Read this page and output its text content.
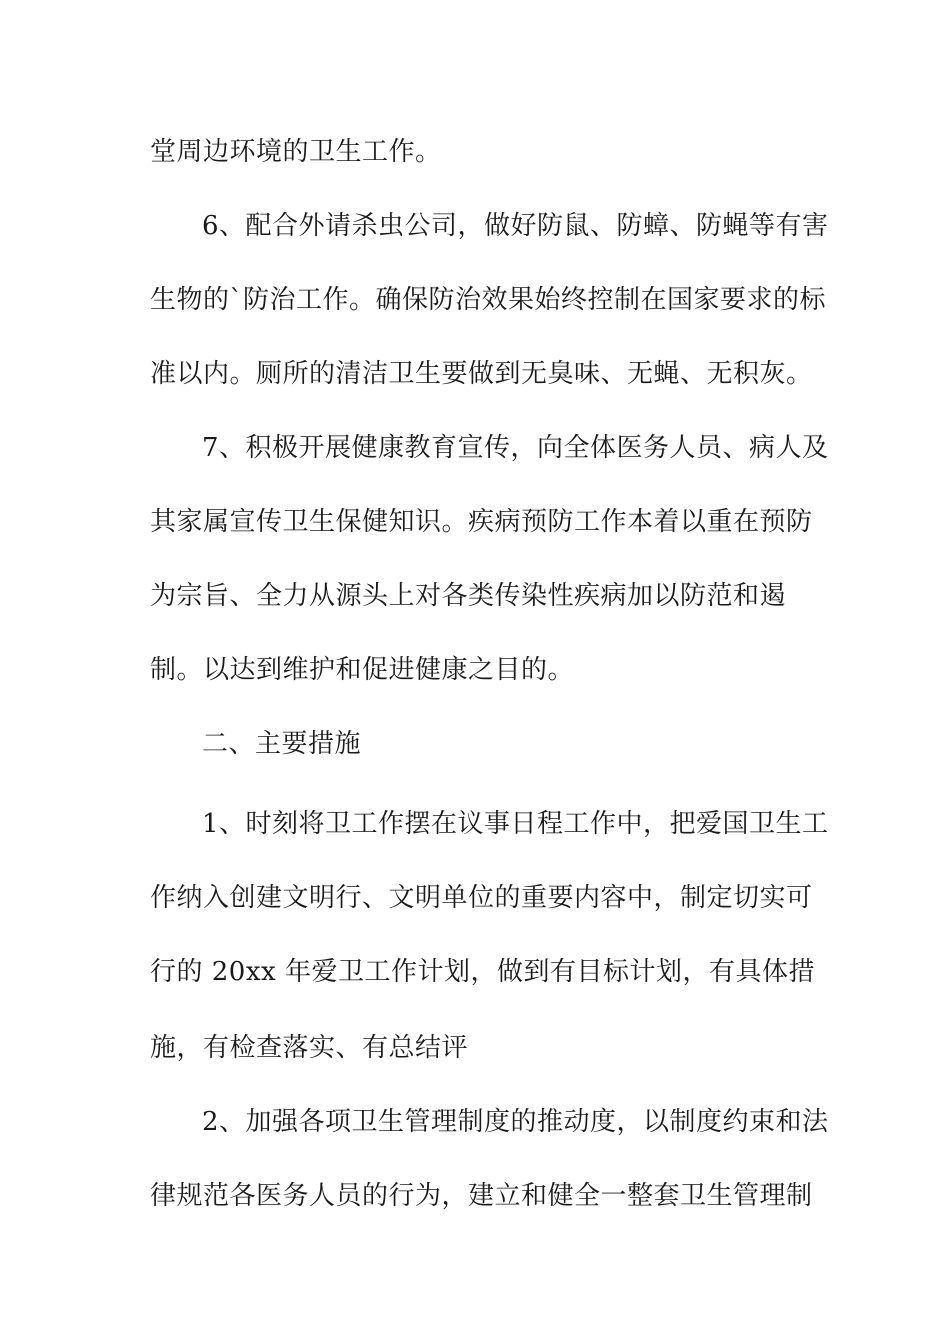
堂周边环境的卫生工作。
6、配合外请杀虫公司，做好防鼠、防蟑、防蝇等有害
生物的`防治工作。确保防治效果始终控制在国家要求的标
准以内。厕所的清洁卫生要做到无臭味、无蝇、无积灰。
7、积极开展健康教育宣传，向全体医务人员、病人及
其家属宣传卫生保健知识。疾病预防工作本着以重在预防
为宗旨、全力从源头上对各类传染性疾病加以防范和遏
制。以达到维护和促进健康之目的。
二、主要措施
1、时刻将卫工作摆在议事日程工作中，把爱国卫生工
作纳入创建文明行、文明单位的重要内容中，制定切实可
行的 20xx 年爱卫工作计划，做到有目标计划，有具体措
施，有检查落实、有总结评
2、加强各项卫生管理制度的推动度，以制度约束和法
律规范各医务人员的行为，建立和健全一整套卫生管理制
